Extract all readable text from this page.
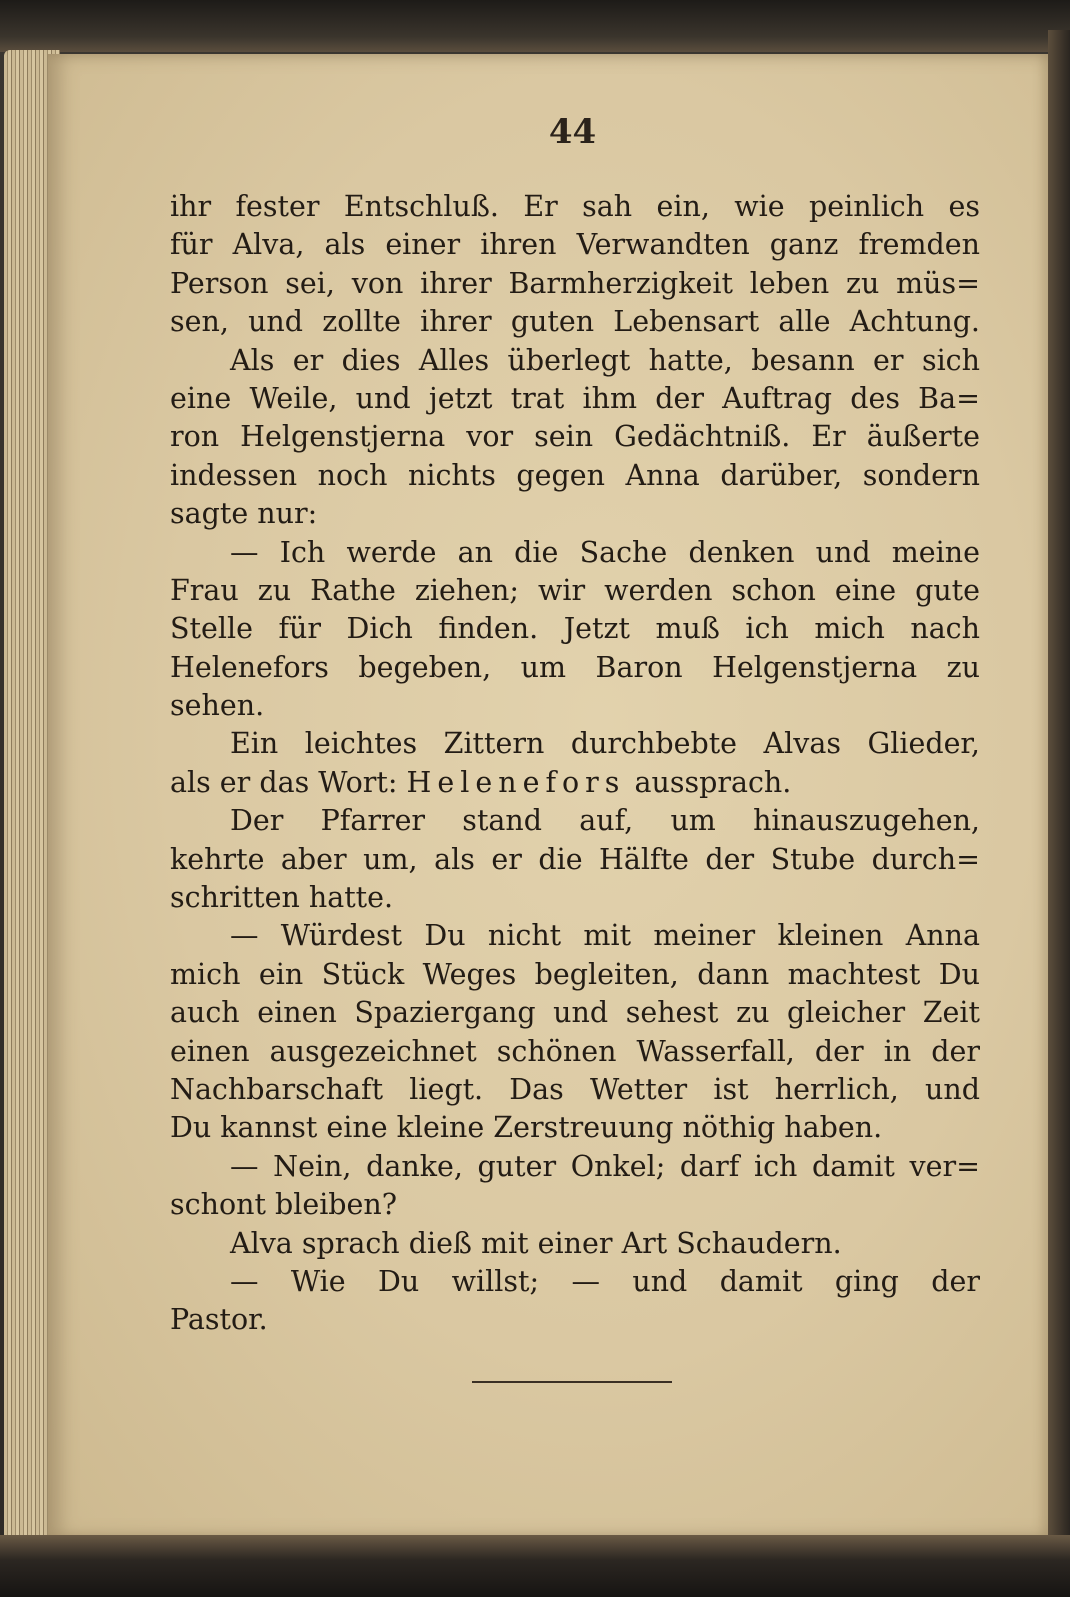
44
ihr fester Entschluß. Er sah ein, wie peinlich es
für Alva, als einer ihren Verwandten ganz fremden
Person sei, von ihrer Barmherzigkeit leben zu müs=
sen, und zollte ihrer guten Lebensart alle Achtung.
Als er dies Alles überlegt hatte, besann er sich
eine Weile, und jetzt trat ihm der Auftrag des Ba=
ron Helgenstjerna vor sein Gedächtniß. Er äußerte
indessen noch nichts gegen Anna darüber, sondern
sagte nur:
— Ich werde an die Sache denken und meine
Frau zu Rathe ziehen; wir werden schon eine gute
Stelle für Dich finden. Jetzt muß ich mich nach
Helenefors begeben, um Baron Helgenstjerna zu
sehen.
Ein leichtes Zittern durchbebte Alvas Glieder,
als er das Wort: Helenefors aussprach.
Der Pfarrer stand auf, um hinauszugehen,
kehrte aber um, als er die Hälfte der Stube durch=
schritten hatte.
— Würdest Du nicht mit meiner kleinen Anna
mich ein Stück Weges begleiten, dann machtest Du
auch einen Spaziergang und sehest zu gleicher Zeit
einen ausgezeichnet schönen Wasserfall, der in der
Nachbarschaft liegt. Das Wetter ist herrlich, und
Du kannst eine kleine Zerstreuung nöthig haben.
— Nein, danke, guter Onkel; darf ich damit ver=
schont bleiben?
Alva sprach dieß mit einer Art Schaudern.
— Wie Du willst; — und damit ging der
Pastor.
